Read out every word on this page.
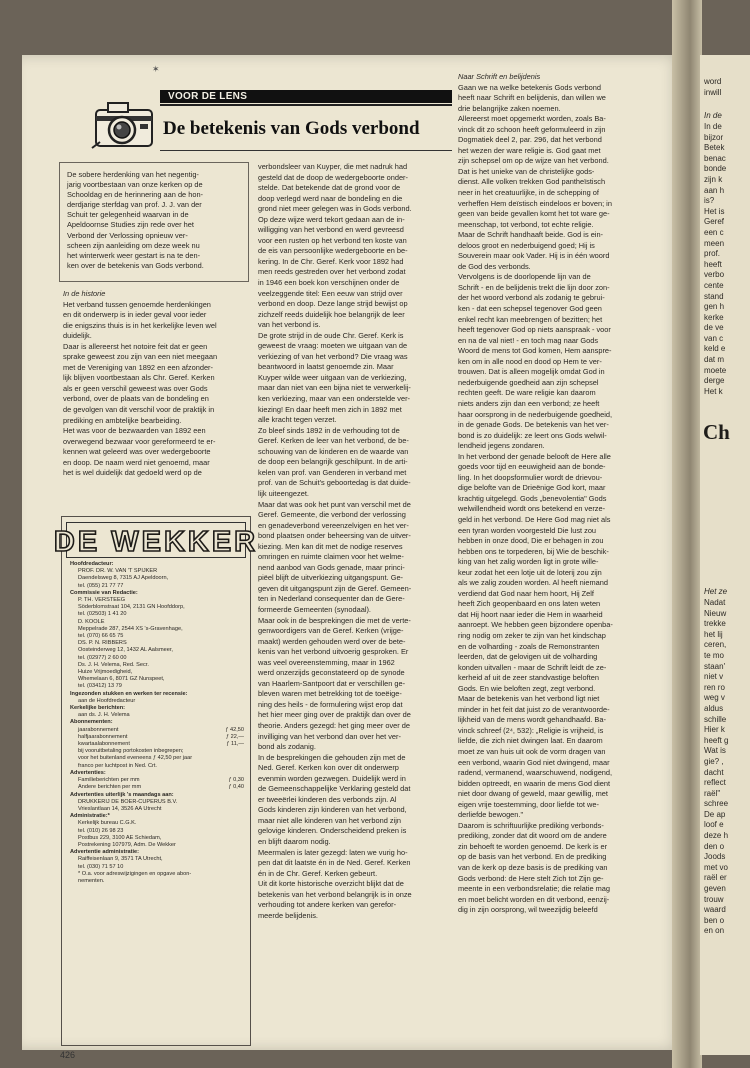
✶
VOOR DE LENS
De betekenis van Gods verbond

De sobere herdenking van het negentig-

jarig voortbestaan van onze kerken op de

Schooldag en de herinnering aan de hon-

derdjarige sterfdag van prof. J. J. van der

Schuit ter gelegenheid waarvan in de

Apeldoornse Studies zijn rede over het

Verbond der Verlossing opnieuw ver-

scheen zijn aanleiding om deze week nu

het winterwerk weer gestart is na te den-

ken over de betekenis van Gods verbond.

In de historie

Het verband tussen genoemde herdenkingen

en dit onderwerp is in ieder geval voor ieder

die enigszins thuis is in het kerkelijke leven wel

duidelijk.

Daar is allereerst het notoire feit dat er geen

sprake geweest zou zijn van een niet meegaan

met de Vereniging van 1892 en een afzonder-

lijk blijven voortbestaan als Chr. Geref. Kerken

als er geen verschil geweest was over Gods

verbond, over de plaats van de bondeling en

de gevolgen van dit verschil voor de praktijk in

prediking en ambtelijke bearbeiding.

Het was voor de bezwaarden van 1892 een

overwegend bezwaar voor gereformeerd te er-

kennen wat geleerd was over wedergeboorte

en doop. De naam werd niet genoemd, maar

het is wel duidelijk dat gedoeld werd op de

DE WEKKER

Hoofdredacteur:

PROF. DR. W. VAN 'T SPIJKER

Daendelsweg 8, 7315 AJ Apeldoorn,

tel. (055) 21 77 77

Commissie van Redactie:

P. TH. VERSTEEG

Söderblomstraat 104, 2131 GN Hoofddorp,

tel. (02503) 1 41 20

D. KOOLE

Meppelrade 287, 2544 XS 's-Gravenhage,

tel. (070) 66 65 75

DS. P. N. RIBBERS

Oosteinderweg 12, 1432 AL Aalsmeer,

tel. (02977) 2 60 00

Ds. J. H. Velema, Red. Secr.

Huize Vrijmoedigheid,

Whemelaan 6, 8071 GZ Nunspeet,

tel. (03412) 13 79

Ingezonden stukken en werken ter recensie:

aan de Hoofdredacteur

Kerkelijke berichten:

aan ds. J. H. Velema

Abonnementen:

jaarabonnement	ƒ 42,50
halfjaarabonnement	ƒ 22,—
kwartaalabonnement	ƒ 11,—

bij vooruitbetaling portokosten inbegrepen;

voor het buitenland eveneens ƒ 42,50 per jaar

franco per luchtpost in Ned. Crt.

Advertenties:

Familieberichten per mm	ƒ 0,30
Andere berichten per mm	ƒ 0,40

Advertenties uiterlijk 's maandags aan:

DRUKKERIJ DE BOER-CUPERUS B.V.

Vrieslantlaan 14, 3526 AA Utrecht

Administratie:*

Kerkelijk bureau C.G.K.

tel. (010) 26 98 23

Postbus 229, 3100 AE Schiedam,

Postrekening 107979, Adm. De Wekker

Advertentie administratie:

Raiffeisenlaan 9, 3571 TA Utrecht,

tel. (030) 71 57 10

* O.a. voor adreswijzigingen en opgave abon-

nementen.

verbondsleer van Kuyper, die met nadruk had

gesteld dat de doop de wedergeboorte onder-

stelde. Dat betekende dat de grond voor de

doop verlegd werd naar de bondeling en die

grond niet meer gelegen was in Gods verbond.

Op deze wijze werd tekort gedaan aan de in-

willigging van het verbond en werd gevreesd

voor een rusten op het verbond ten koste van

de eis van persoonlijke wedergeboorte en be-

kering. In de Chr. Geref. Kerk voor 1892 had

men reeds gestreden over het verbond zodat

in 1946 een boek kon verschijnen onder de

veelzeggende titel: Een eeuw van strijd over

verbond en doop. Deze lange strijd bewijst op

zichzelf reeds duidelijk hoe belangrijk de leer

van het verbond is.

De grote strijd in de oude Chr. Geref. Kerk is

geweest de vraag: moeten we uitgaan van de

verkiezing of van het verbond? Die vraag was

beantwoord in laatst genoemde zin. Maar

Kuyper wilde weer uitgaan van de verkiezing,

maar dan niet van een bijna niet te verwerkelij-

ken verkiezing, maar van een onderstelde ver-

kiezing! En daar heeft men zich in 1892 met

alle kracht tegen verzet.

Zo bleef sinds 1892 in de verhouding tot de

Geref. Kerken de leer van het verbond, de be-

schouwing van de kinderen en de waarde van

de doop een belangrijk geschilpunt. In de arti-

kelen van prof. van Genderen in verband met

prof. van de Schuit's geboortedag is dat duide-

lijk uiteengezet.

Maar dat was ook het punt van verschil met de

Geref. Gemeente, die verbond der verlossing

en genadeverbond vereenzelvigen en het ver-

bond plaatsen onder beheersing van de uitver-

kiezing. Men kan dit met de nodige reserves

omringen en ruimte claimen voor het welme-

nend aanbod van Gods genade, maar princi-

piëel blijft de uitverkiezing uitgangspunt. Ge-

geven dit uitgangspunt zijn de Geref. Gemeen-

ten in Nederland consequenter dan de Gere-

formeerde Gemeenten (synodaal).

Maar ook in de besprekingen die met de verte-

genwoordigers van de Geref. Kerken (vrijge-

maakt) werden gehouden werd over de bete-

kenis van het verbond uitvoerig gesproken. Er

was veel overeenstemming, maar in 1962

werd onzerzijds geconstateerd op de synode

van Haarlem-Santpoort dat er verschillen ge-

bleven waren met betrekking tot de toeëige-

ning des heils - de formulering wijst erop dat

het hier meer ging over de praktijk dan over de

theorie. Anders gezegd: het ging meer over de

invilliging van het verbond dan over het ver-

bond als zodanig.

In de besprekingen die gehouden zijn met de

Ned. Geref. Kerken kon over dit onderwerp

evenmin worden gezwegen. Duidelijk werd in

de Gemeenschappelijke Verklaring gesteld dat

er tweeërlei kinderen des verbonds zijn. Al

Gods kinderen zijn kinderen van het verbond,

maar niet alle kinderen van het verbond zijn

gelovige kinderen. Onderscheidend preken is

en blijft daarom nodig.

Meermalen is later gezegd: laten we vurig ho-

pen dat dit laatste én in de Ned. Geref. Kerken

én in de Chr. Geref. Kerken gebeurt.

Uit dit korte historische overzicht blijkt dat de

betekenis van het verbond belangrijk is in onze

verhouding tot andere kerken van gerefor-

meerde belijdenis.

Naar Schrift en belijdenis

Gaan we na welke betekenis Gods verbond

heeft naar Schrift en belijdenis, dan willen we

drie belangrijke zaken noemen.

Allereerst moet opgemerkt worden, zoals Ba-

vinck dit zo schoon heeft geformuleerd in zijn

Dogmatiek deel 2, par. 296, dat het verbond

het wezen der ware religie is. God gaat met

zijn schepsel om op de wijze van het verbond.

Dat is het unieke van de christelijke gods-

dienst. Alle volken trekken God pantheïstisch

neer in het creatuurlijke, in de schepping of

verheffen Hem deïstisch eindeloos er boven; in

geen van beide gevallen komt het tot ware ge-

meenschap, tot verbond, tot echte religie.

Maar de Schrift handhaaft beide. God is ein-

deloos groot en nederbuigend goed; Hij is

Souverein maar ook Vader. Hij is in één woord

de God des verbonds.

Vervolgens is de doorlopende lijn van de

Schrift - en de belijdenis trekt die lijn door zon-

der het woord verbond als zodanig te gebrui-

ken - dat een schepsel tegenover God geen

enkel recht kan meebrengen of bezitten; het

heeft tegenover God op niets aanspraak - voor

en na de val niet! - en toch mag naar Gods

Woord de mens tot God komen, Hem aanspre-

ken om in alle nood en dood op Hem te ver-

trouwen. Dat is alleen mogelijk omdat God in

nederbuigende goedheid aan zijn schepsel

rechten geeft. De ware religie kan daarom

niets anders zijn dan een verbond; ze heeft

haar oorsprong in de nederbuigende goedheid,

in de genade Gods. De betekenis van het ver-

bond is zo duidelijk: ze leert ons Gods welwil-

lendheid jegens zondaren.

In het verbond der genade belooft de Here alle

goeds voor tijd en eeuwigheid aan de bonde-

ling. In het doopsformulier wordt de drievou-

dige belofte van de Drieënige God kort, maar

krachtig uitgelegd. Gods „benevolentia" Gods

welwillendheid wordt ons betekend en verze-

geld in het verbond. De Here God mag niet als

een tyran worden voorgesteld Die lust zou

hebben in onze dood, Die er behagen in zou

hebben ons te torpederen, bij Wie de beschik-

king van het zalig worden ligt in grote wille-

keur zodat het een lotje uit de loterij zou zijn

als we zalig zouden worden. Al heeft niemand

verdiend dat God naar hem hoort, Hij Zelf

heeft Zich geopenbaard en ons laten weten

dat Hij hoort naar ieder die Hem in waarheid

aanroept. We hebben geen bijzondere openba-

ring nodig om zeker te zijn van het kindschap

en de volharding - zoals de Remonstranten

leerden, dat de gelovigen uit de volharding

konden uitvallen - maar de Schrift leidt de ze-

kerheid af uit de zeer standvastige beloften

Gods. En wie beloften zegt, zegt verbond.

Maar de betekenis van het verbond ligt niet

minder in het feit dat juist zo de verantwoorde-

lijkheid van de mens wordt gehandhaafd. Ba-

vinck schreef (2⁴, 532): „Religie is vrijheid, is

liefde, die zich niet dwingen laat. En daarom

moet ze van huis uit ook de vorm dragen van

een verbond, waarin God niet dwingend, maar

radend, vermanend, waarschuwend, nodigend,

bidden optreedt, en waarin de mens God dient

niet door dwang of geweld, maar gewillig, met

eigen vrije toestemming, door liefde tot we-

derliefde bewogen."

Daarom is schriftuurlijke prediking verbonds-

prediking, zonder dat dit woord om de andere

zin behoeft te worden genoemd. De kerk is er

op de basis van het verbond. En de prediking

van de kerk op deze basis is de prediking van

Gods verbond: de Here stelt Zich tot Zijn ge-

meente in een verbondsrelatie; die relatie mag

en moet belicht worden en dit verbond, eenzij-

dig in zijn oorsprong, wil tweezijdig beleefd

word
inwill
In de
In de
bijzor
Betek
benac
bonde
zijn k
aan h
is?
Het is
Geref
een c
meen
prof.
heeft
verbo
cente
stand
gen h
kerke
de ve
van c
keld e
dat m
moete
derge
Het k
Ch
Het ze
Nadat
Nieuw
trekke
het lij
ceren,
te mo
staan'
niet v
ren ro
weg v
aldus
schille
Hier k
heeft g
Wat is
gie? ,
dacht
reflect
raël"
schree
De ap
loof e
deze h
den o
Joods
met vo
raël er
geven
trouw
waard
ben o
en on
426
